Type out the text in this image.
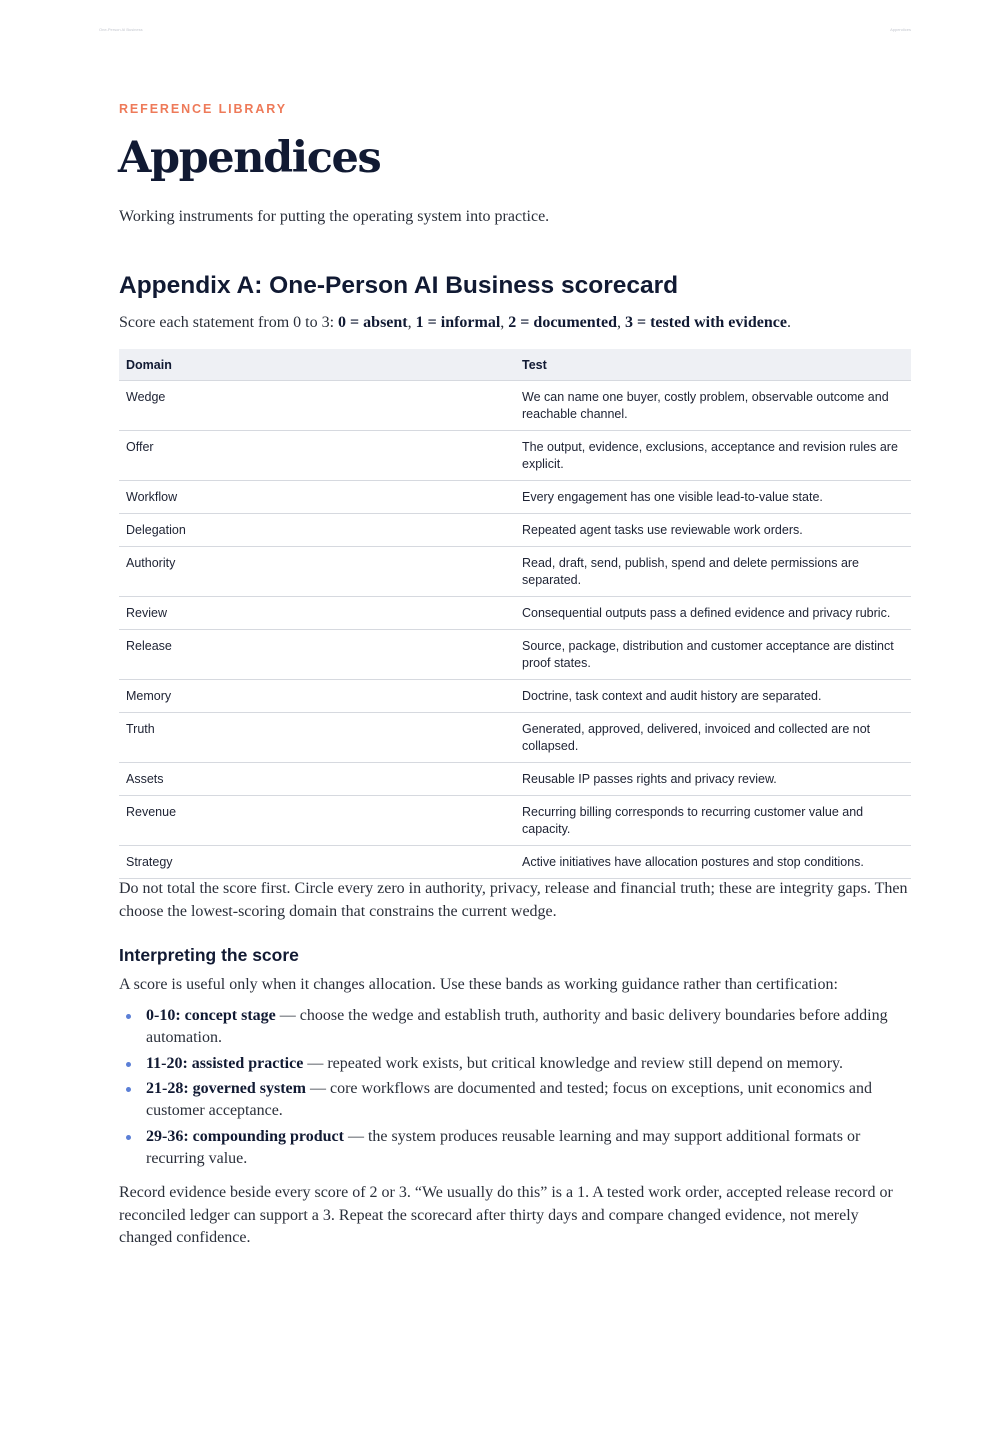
One-Person AI Business	Appendices
REFERENCE LIBRARY
Appendices

Working instruments for putting the operating system into practice.

Appendix A: One-Person AI Business scorecard

Score each statement from 0 to 3: 0 = absent, 1 = informal, 2 = documented, 3 = tested with evidence.

Domain	Test
Wedge	We can name one buyer, costly problem, observable outcome and reachable channel.
Offer	The output, evidence, exclusions, acceptance and revision rules are explicit.
Workflow	Every engagement has one visible lead-to-value state.
Delegation	Repeated agent tasks use reviewable work orders.
Authority	Read, draft, send, publish, spend and delete permissions are separated.
Review	Consequential outputs pass a defined evidence and privacy rubric.
Release	Source, package, distribution and customer acceptance are distinct proof states.
Memory	Doctrine, task context and audit history are separated.
Truth	Generated, approved, delivered, invoiced and collected are not collapsed.
Assets	Reusable IP passes rights and privacy review.
Revenue	Recurring billing corresponds to recurring customer value and capacity.
Strategy	Active initiatives have allocation postures and stop conditions.

Do not total the score first. Circle every zero in authority, privacy, release and financial truth; these are integrity gaps. Then choose the lowest-scoring domain that constrains the current wedge.

Interpreting the score

A score is useful only when it changes allocation. Use these bands as working guidance rather than certification:

0-10: concept stage — choose the wedge and establish truth, authority and basic delivery boundaries before adding automation.
11-20: assisted practice — repeated work exists, but critical knowledge and review still depend on memory.
21-28: governed system — core workflows are documented and tested; focus on exceptions, unit economics and customer acceptance.
29-36: compounding product — the system produces reusable learning and may support additional formats or recurring value.

Record evidence beside every score of 2 or 3. “We usually do this” is a 1. A tested work order, accepted release record or reconciled ledger can support a 3. Repeat the scorecard after thirty days and compare changed evidence, not merely changed confidence.
